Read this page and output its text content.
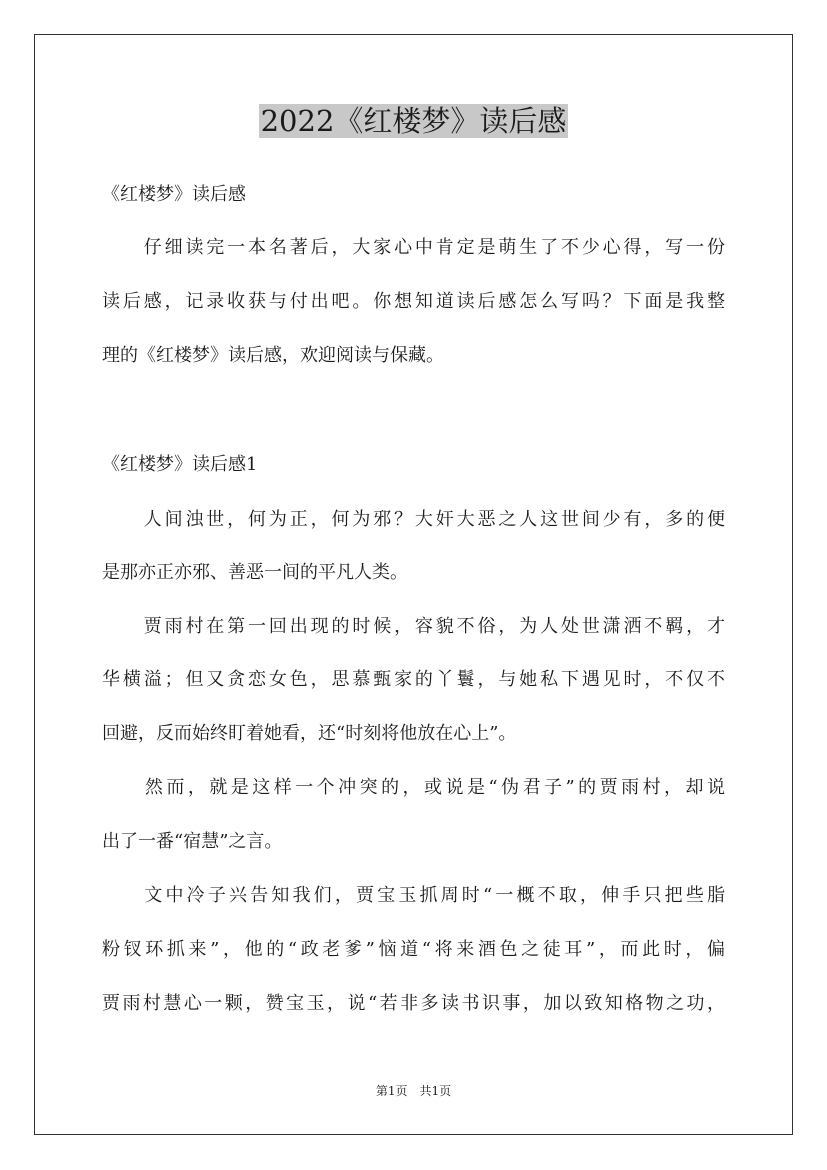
2022《红楼梦》读后感
《红楼梦》读后感
　　仔细读完一本名著后，大家心中肯定是萌生了不少心得，写一份
读后感，记录收获与付出吧。你想知道读后感怎么写吗？下面是我整
理的《红楼梦》读后感，欢迎阅读与保藏。
《红楼梦》读后感1
　　人间浊世，何为正，何为邪？大奸大恶之人这世间少有，多的便
是那亦正亦邪、善恶一间的平凡人类。
　　贾雨村在第一回出现的时候，容貌不俗，为人处世潇洒不羁，才
华横溢；但又贪恋女色，思慕甄家的丫鬟，与她私下遇见时，不仅不
回避，反而始终盯着她看，还“时刻将他放在心上”。
　　然而，就是这样一个冲突的，或说是“伪君子”的贾雨村，却说
出了一番“宿慧”之言。
　　文中冷子兴告知我们，贾宝玉抓周时“一概不取，伸手只把些脂
粉钗环抓来”，他的“政老爹”恼道“将来酒色之徒耳”，而此时，偏
贾雨村慧心一颗，赞宝玉，说“若非多读书识事，加以致知格物之功，
第1页　共1页
